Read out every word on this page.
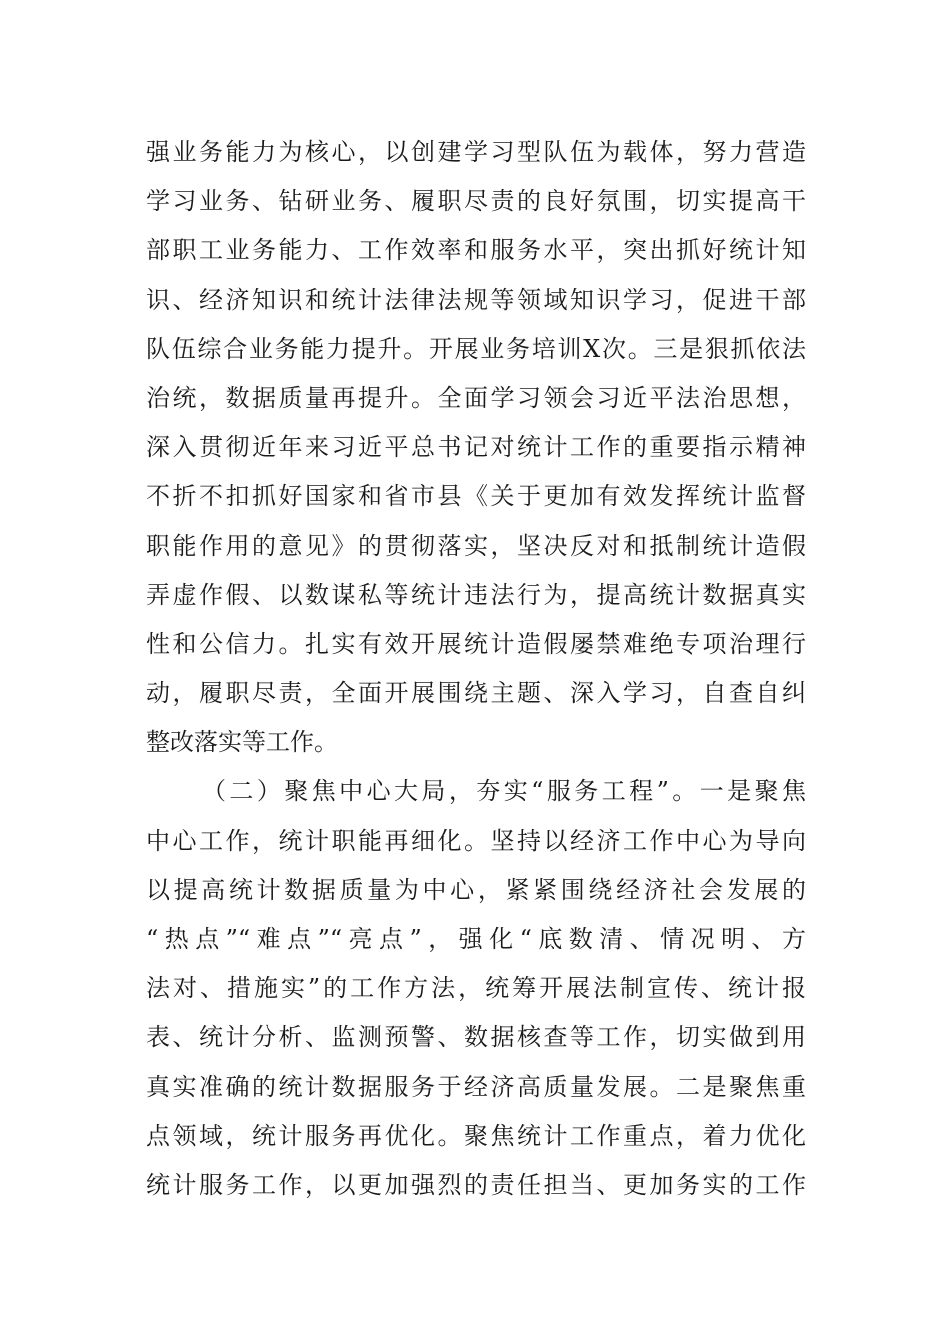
强业务能力为核心，以创建学习型队伍为载体，努力营造
学习业务、钻研业务、履职尽责的良好氛围，切实提高干
部职工业务能力、工作效率和服务水平，突出抓好统计知
识、经济知识和统计法律法规等领域知识学习，促进干部
队伍综合业务能力提升。开展业务培训X次。三是狠抓依法
治统，数据质量再提升。全面学习领会习近平法治思想，
深入贯彻近年来习近平总书记对统计工作的重要指示精神
不折不扣抓好国家和省市县《关于更加有效发挥统计监督
职能作用的意见》的贯彻落实，坚决反对和抵制统计造假
弄虚作假、以数谋私等统计违法行为，提高统计数据真实
性和公信力。扎实有效开展统计造假屡禁难绝专项治理行
动，履职尽责，全面开展围绕主题、深入学习，自查自纠
整改落实等工作。
（二）聚焦中心大局，夯实“服务工程”。一是聚焦
中心工作，统计职能再细化。坚持以经济工作中心为导向
以提高统计数据质量为中心，紧紧围绕经济社会发展的
“热点”“难点”“亮点”，强化“底数清、情况明、方
法对、措施实”的工作方法，统筹开展法制宣传、统计报
表、统计分析、监测预警、数据核查等工作，切实做到用
真实准确的统计数据服务于经济高质量发展。二是聚焦重
点领域，统计服务再优化。聚焦统计工作重点，着力优化
统计服务工作，以更加强烈的责任担当、更加务实的工作
